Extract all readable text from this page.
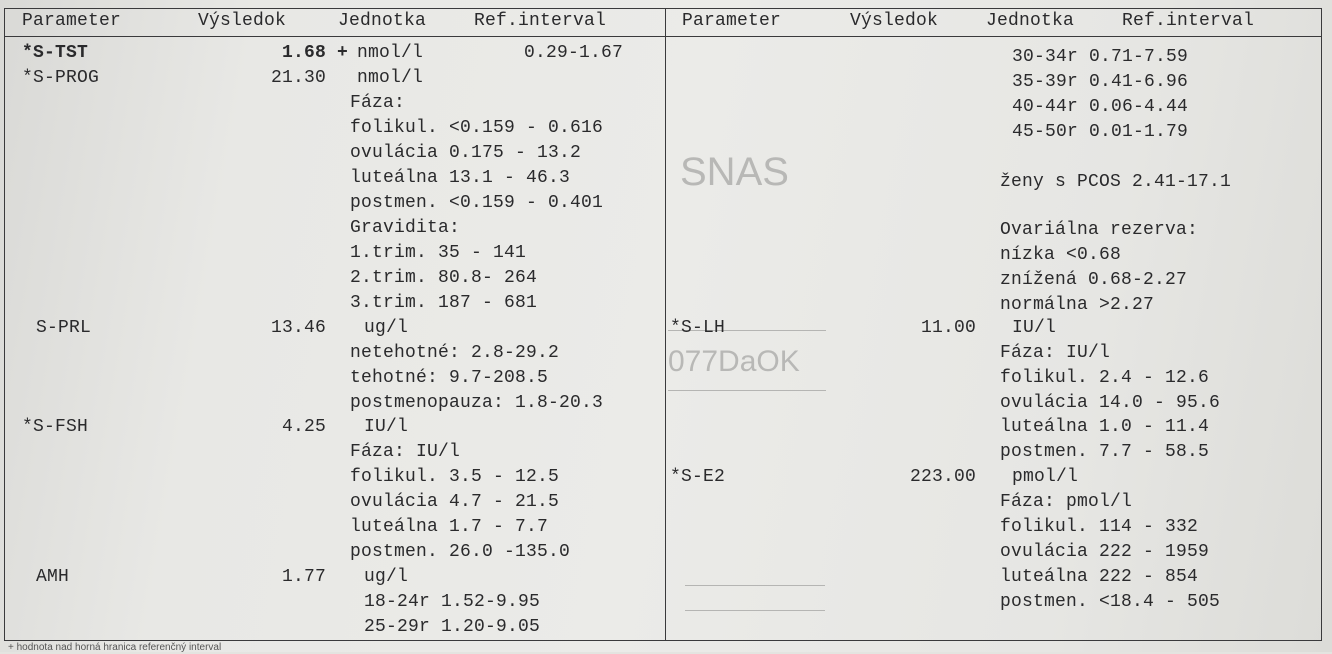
SNAS
077DaOK
Parameter	Výsledok	Jednotka	Ref.interval	Parameter	Výsledok	Jednotka	Ref.interval
*S-TST	1.68 + nmol/l	0.29-1.67
*S-PROG	21.30 nmol/l
Fáza:
folikul. <0.159 - 0.616
ovulácia 0.175 - 13.2
luteálna 13.1 - 46.3
postmen. <0.159 - 0.401
Gravidita:
1.trim. 35 - 141
2.trim. 80.8- 264
3.trim. 187 - 681
S-PRL	13.46 ug/l
netehotné: 2.8-29.2
tehotné: 9.7-208.5
postmenopauza: 1.8-20.3
*S-FSH	4.25 IU/l
Fáza: IU/l
folikul. 3.5 - 12.5
ovulácia 4.7 - 21.5
luteálna 1.7 - 7.7
postmen. 26.0 -135.0
AMH	1.77 ug/l
18-24r 1.52-9.95
25-29r 1.20-9.05
30-34r 0.71-7.59
35-39r 0.41-6.96
40-44r 0.06-4.44
45-50r 0.01-1.79
ženy s PCOS 2.41-17.1
Ovariálna rezerva:
nízka <0.68
znížená 0.68-2.27
normálna >2.27
*S-LH	11.00 IU/l
Fáza: IU/l
folikul. 2.4 - 12.6
ovulácia 14.0 - 95.6
luteálna 1.0 - 11.4
postmen. 7.7 - 58.5
*S-E2	223.00 pmol/l
Fáza: pmol/l
folikul. 114 - 332
ovulácia 222 - 1959
luteálna 222 - 854
postmen. <18.4 - 505
+ hodnota nad horná hranica referenčný interval
